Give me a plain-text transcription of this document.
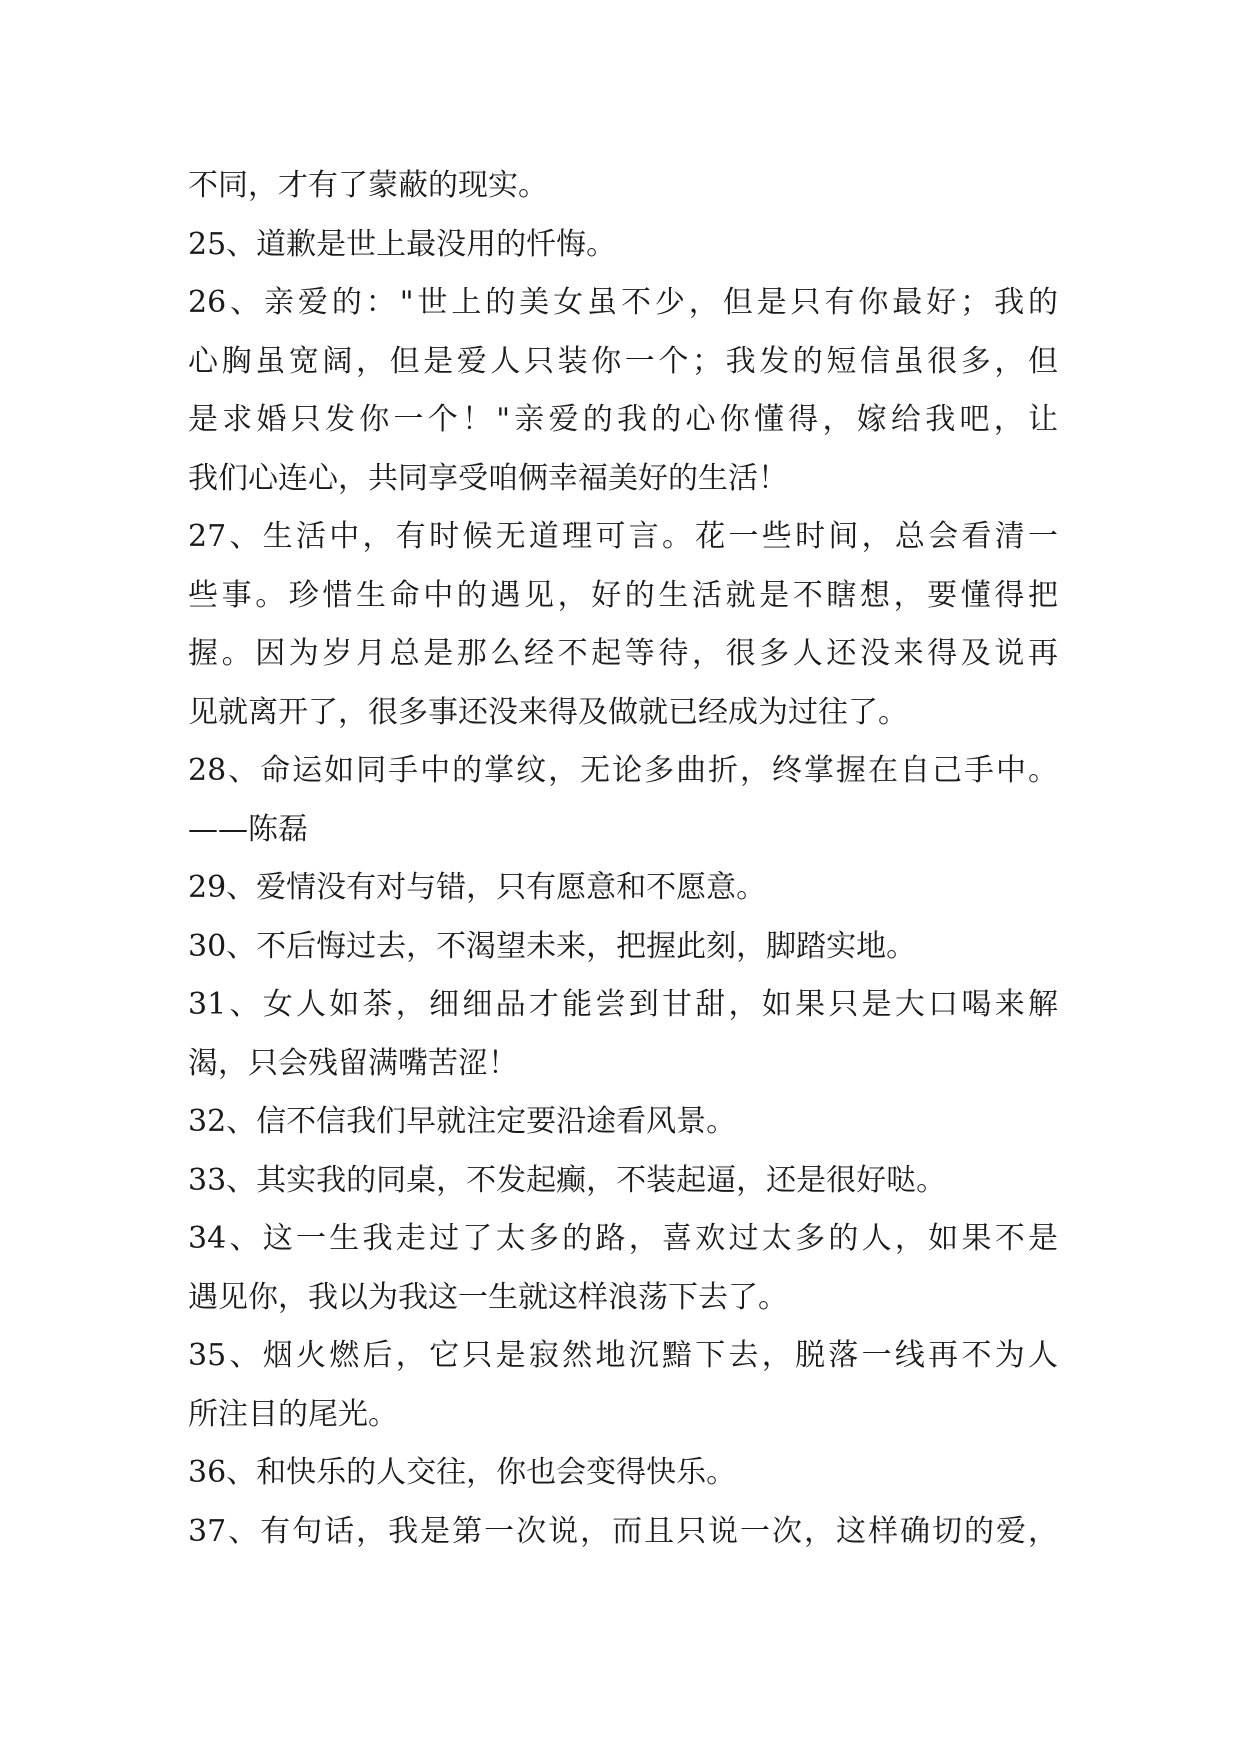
不同，才有了蒙蔽的现实。
25、道歉是世上最没用的忏悔。
26、亲爱的："世上的美女虽不少，但是只有你最好；我的
心胸虽宽阔，但是爱人只装你一个；我发的短信虽很多，但
是求婚只发你一个！"亲爱的我的心你懂得，嫁给我吧，让
我们心连心，共同享受咱俩幸福美好的生活！
27、生活中，有时候无道理可言。花一些时间，总会看清一
些事。珍惜生命中的遇见，好的生活就是不瞎想，要懂得把
握。因为岁月总是那么经不起等待，很多人还没来得及说再
见就离开了，很多事还没来得及做就已经成为过往了。
28、命运如同手中的掌纹，无论多曲折，终掌握在自己手中。
——陈磊
29、爱情没有对与错，只有愿意和不愿意。
30、不后悔过去，不渴望未来，把握此刻，脚踏实地。
31、女人如茶，细细品才能尝到甘甜，如果只是大口喝来解
渴，只会残留满嘴苦涩！
32、信不信我们早就注定要沿途看风景。
33、其实我的同桌，不发起癫，不装起逼，还是很好哒。
34、这一生我走过了太多的路，喜欢过太多的人，如果不是
遇见你，我以为我这一生就这样浪荡下去了。
35、烟火燃后，它只是寂然地沉黯下去，脱落一线再不为人
所注目的尾光。
36、和快乐的人交往，你也会变得快乐。
37、有句话，我是第一次说，而且只说一次，这样确切的爱，
